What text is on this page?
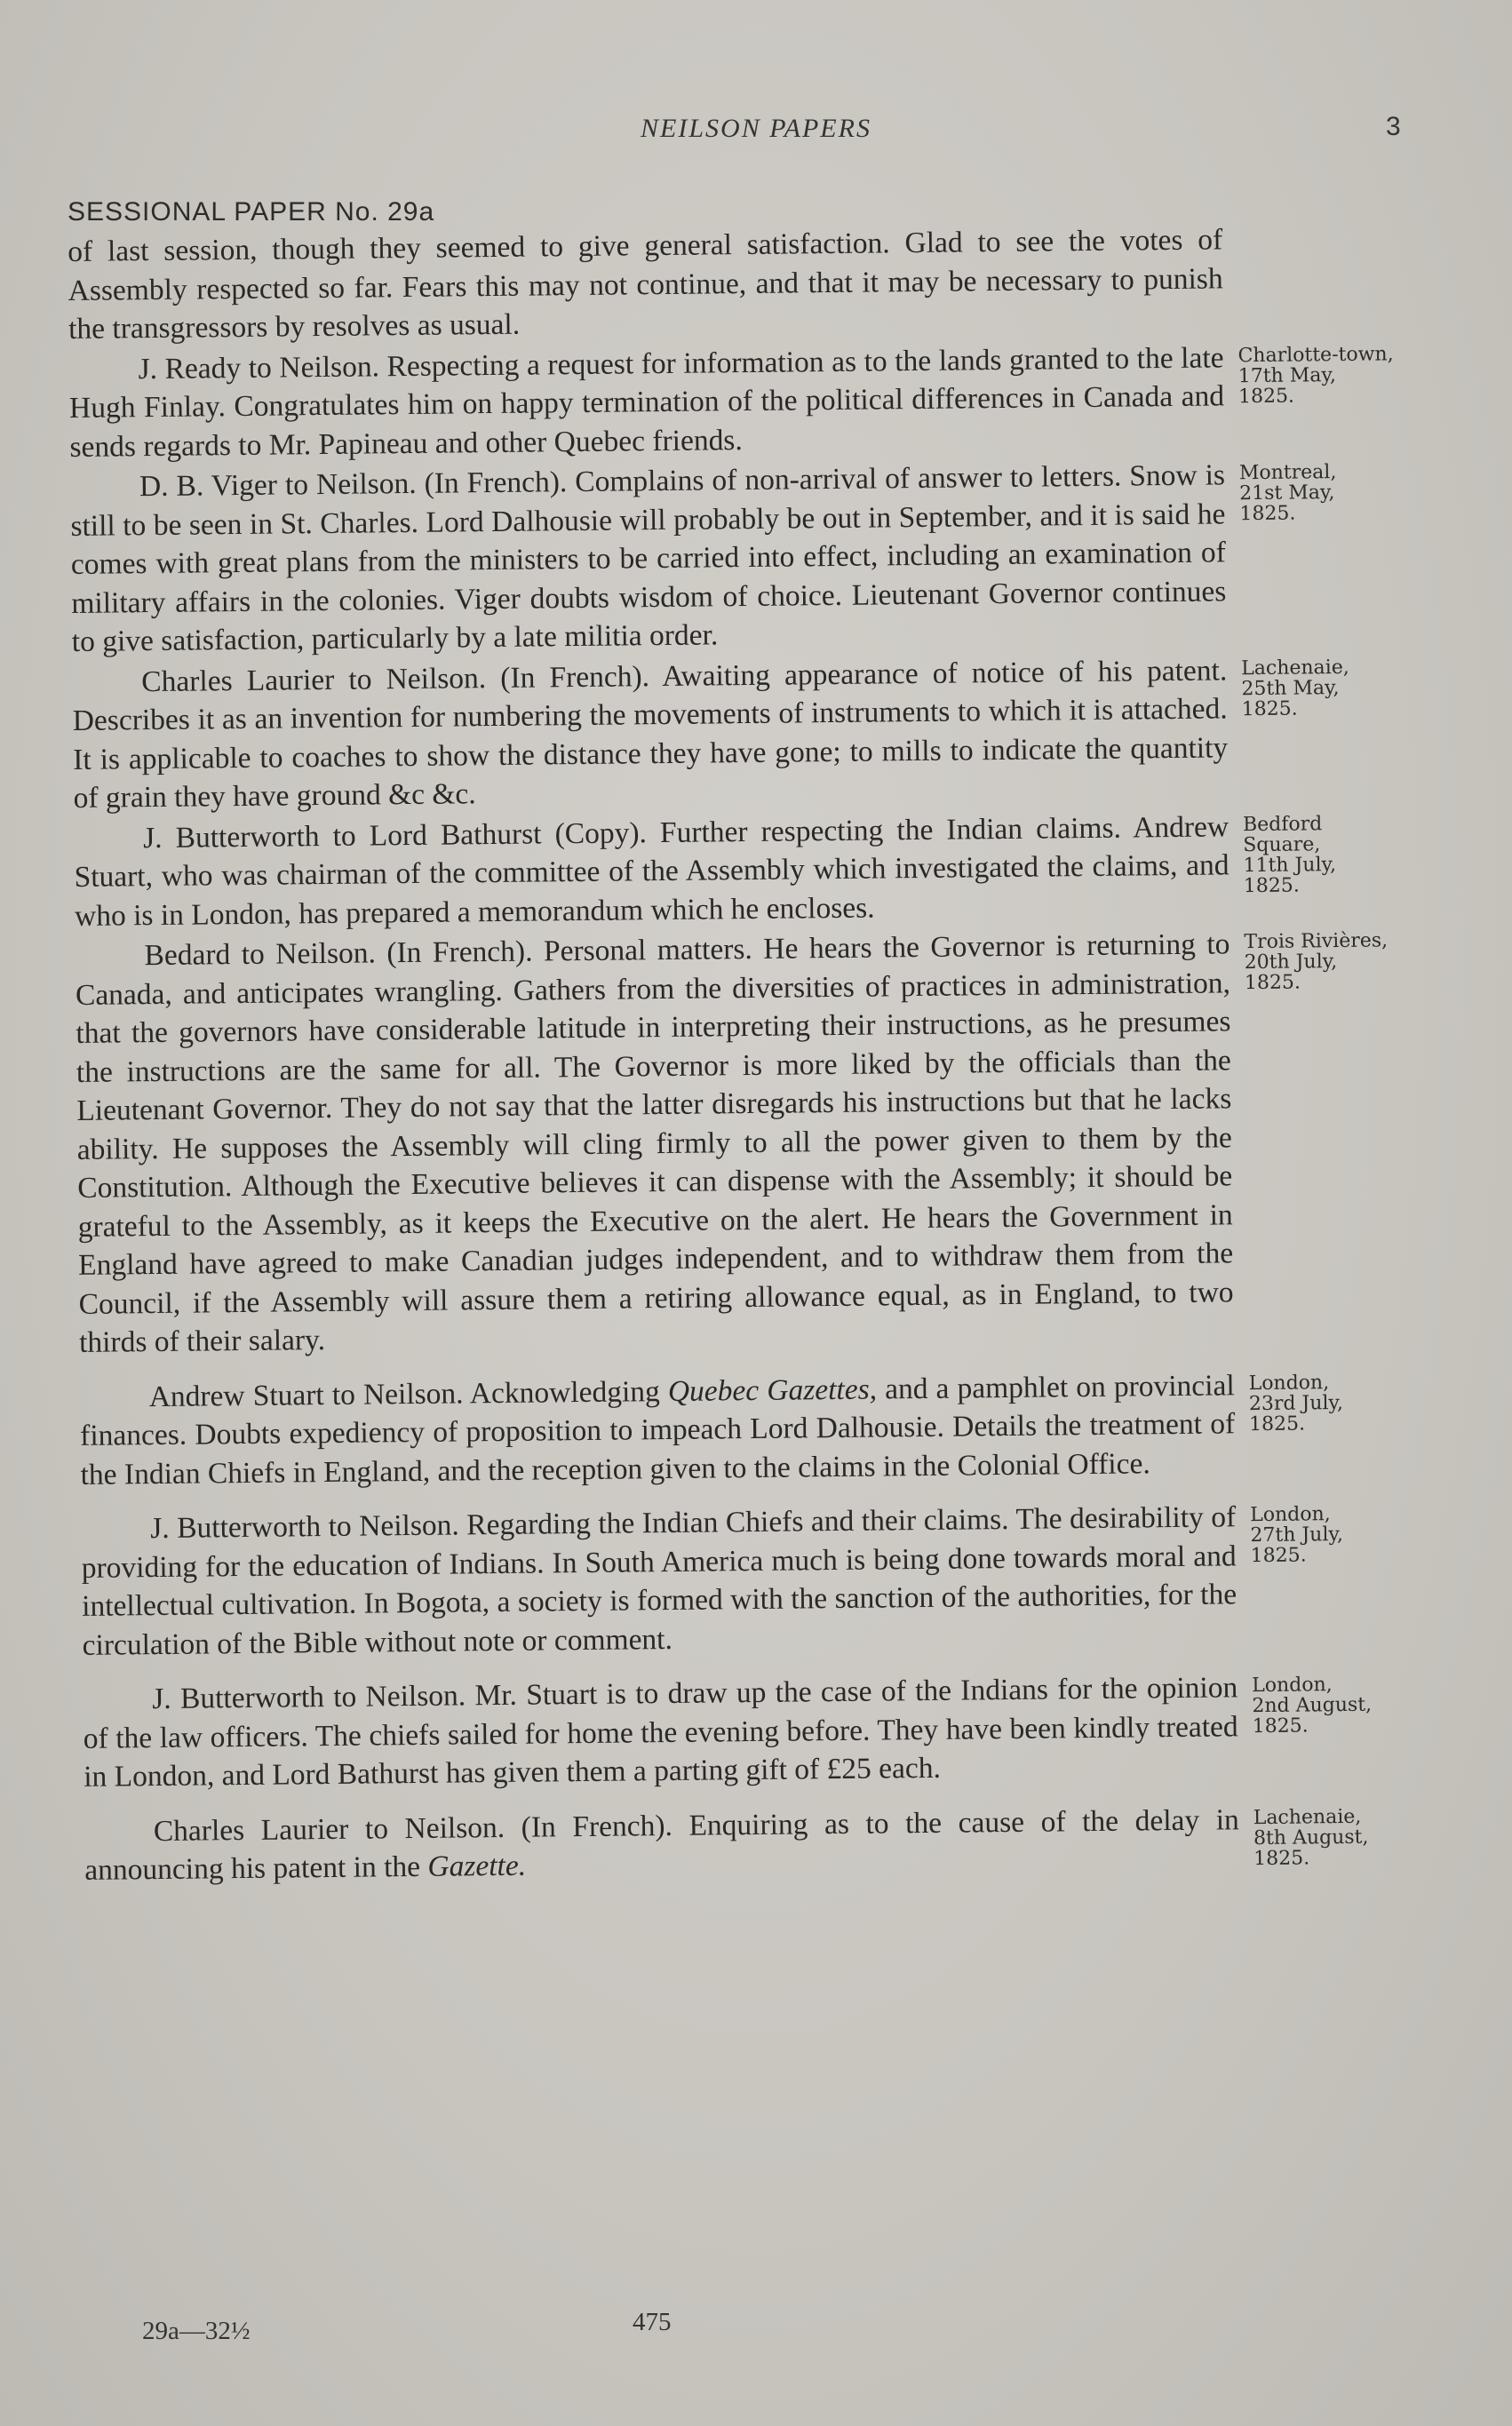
NEILSON PAPERS	3
SESSIONAL PAPER No. 29a

of last session, though they seemed to give general satisfaction. Glad to see the votes of Assembly respected so far. Fears this may not continue, and that it may be necessary to punish the transgressors by resolves as usual.

J. Ready to Neilson. Respecting a request for information as to the lands granted to the late Hugh Finlay. Congratulates him on happy termination of the political differences in Canada and sends regards to Mr. Papineau and other Quebec friends.

Charlotte-town,
17th May,
1825.

D. B. Viger to Neilson. (In French). Complains of non-arrival of answer to letters. Snow is still to be seen in St. Charles. Lord Dalhousie will probably be out in September, and it is said he comes with great plans from the ministers to be carried into effect, including an examination of military affairs in the colonies. Viger doubts wisdom of choice. Lieutenant Governor continues to give satisfaction, particularly by a late militia order.

Montreal,
21st May,
1825.

Charles Laurier to Neilson. (In French). Awaiting appearance of notice of his patent. Describes it as an invention for numbering the movements of instruments to which it is attached. It is applicable to coaches to show the distance they have gone; to mills to indicate the quantity of grain they have ground &c &c.

Lachenaie,
25th May,
1825.

J. Butterworth to Lord Bathurst (Copy). Further respecting the Indian claims. Andrew Stuart, who was chairman of the committee of the Assembly which investigated the claims, and who is in London, has prepared a memorandum which he encloses.

Bedford Square,
11th July,
1825.

Bedard to Neilson. (In French). Personal matters. He hears the Governor is returning to Canada, and anticipates wrangling. Gathers from the diversities of practices in administration, that the governors have considerable latitude in interpreting their instructions, as he presumes the instructions are the same for all. The Governor is more liked by the officials than the Lieutenant Governor. They do not say that the latter disregards his instructions but that he lacks ability. He supposes the Assembly will cling firmly to all the power given to them by the Constitution. Although the Executive believes it can dispense with the Assembly; it should be grateful to the Assembly, as it keeps the Executive on the alert. He hears the Government in England have agreed to make Canadian judges independent, and to withdraw them from the Council, if the Assembly will assure them a retiring allowance equal, as in England, to two thirds of their salary.

Trois Rivières,
20th July,
1825.

Andrew Stuart to Neilson. Acknowledging Quebec Gazettes, and a pamphlet on provincial finances. Doubts expediency of proposition to impeach Lord Dalhousie. Details the treatment of the Indian Chiefs in England, and the reception given to the claims in the Colonial Office.

London,
23rd July,
1825.

J. Butterworth to Neilson. Regarding the Indian Chiefs and their claims. The desirability of providing for the education of Indians. In South America much is being done towards moral and intellectual cultivation. In Bogota, a society is formed with the sanction of the authorities, for the circulation of the Bible without note or comment.

London,
27th July,
1825.

J. Butterworth to Neilson. Mr. Stuart is to draw up the case of the Indians for the opinion of the law officers. The chiefs sailed for home the evening before. They have been kindly treated in London, and Lord Bathurst has given them a parting gift of £25 each.

London,
2nd August,
1825.

Charles Laurier to Neilson. (In French). Enquiring as to the cause of the delay in announcing his patent in the Gazette.

Lachenaie,
8th August,
1825.
29a—32½	475
